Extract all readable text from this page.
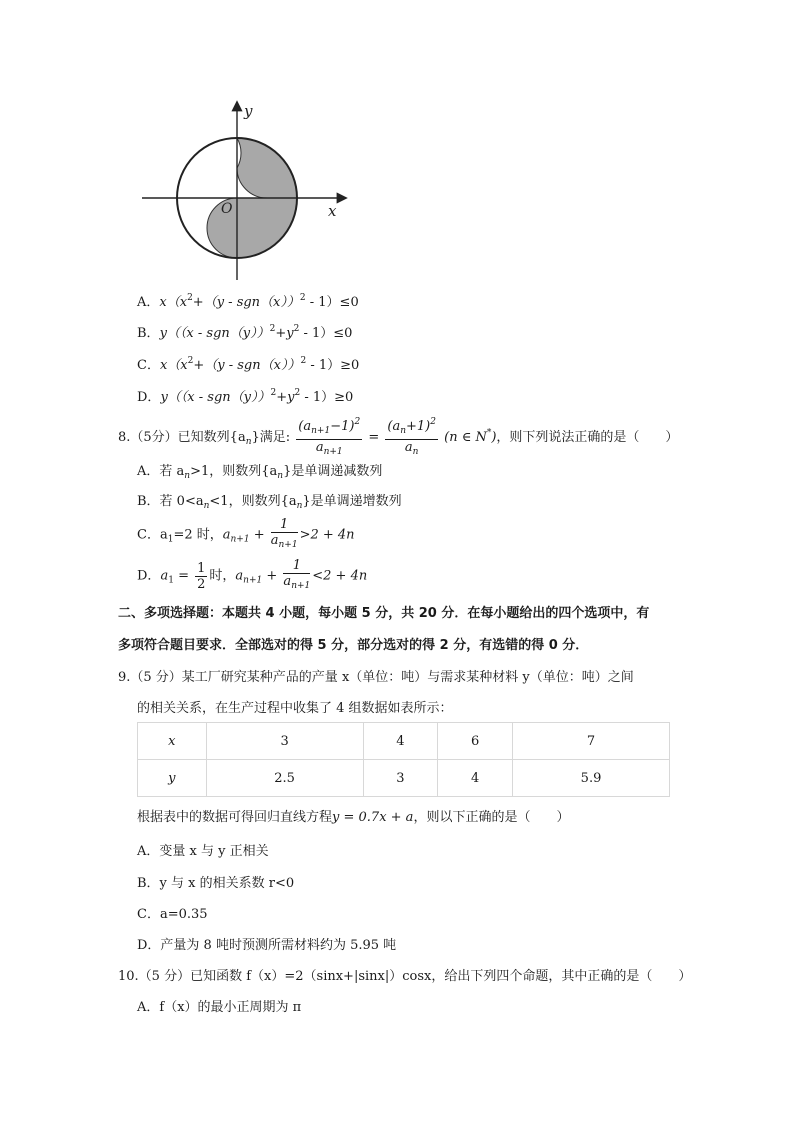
y
x
O
A．$x(x^2+(y - sgn(x))^2 - 1)\le 0$
B．$y((x - sgn(y))^2+y^2 - 1)\le 0$
C．$x(x^2+(y - sgn(x))^2 - 1)\ge 0$
D．$y((x - sgn(y))^2+y^2 - 1)\ge 0$
8.（5分）已知数列$\{a_n\}$满足: $\frac{(a_{n+1}-1)^2}{a_{n+1}} = \frac{(a_n+1)^2}{a_n} (n$ ∈ N*)，则下列说法正确的是（　　）
A．若 $a_n>1$，则数列$\{a_n\}$是单调递减数列
B．若 $0<a_n<1$，则数列$\{a_n\}$是单调递增数列
C．$a_1=2$ 时，$a_{n+1} + \frac{1}{a_{n+1}} >2 + 4n$
D．$a_1 = \frac{1}{2}$ 时，$a_{n+1} + \frac{1}{a_{n+1}} <2 + 4n$
二、多项选择题：本题共 4 小题，每小题 5 分，共 20 分．在每小题给出的四个选项中，有
多项符合题目要求．全部选对的得 5 分，部分选对的得 2 分，有选错的得 0 分．
9.（5 分）某工厂研究某种产品的产量 x（单位：吨）与需求某种材料 y（单位：吨）之间
的相关关系，在生产过程中收集了 4 组数据如表所示：
x	3	4	6	7
y	2.5	3	4	5.9
根据表中的数据可得回归直线方程y = 0.7x + a，则以下正确的是（　　）
A．变量 x 与 y 正相关
B．y 与 x 的相关系数 r<0
C．a=0.35
D．产量为 8 吨时预测所需材料约为 5.95 吨
10.（5 分）已知函数 f（x）=2（sinx+|sinx|）cosx，给出下列四个命题，其中正确的是（　　）
A．f（x）的最小正周期为 π
